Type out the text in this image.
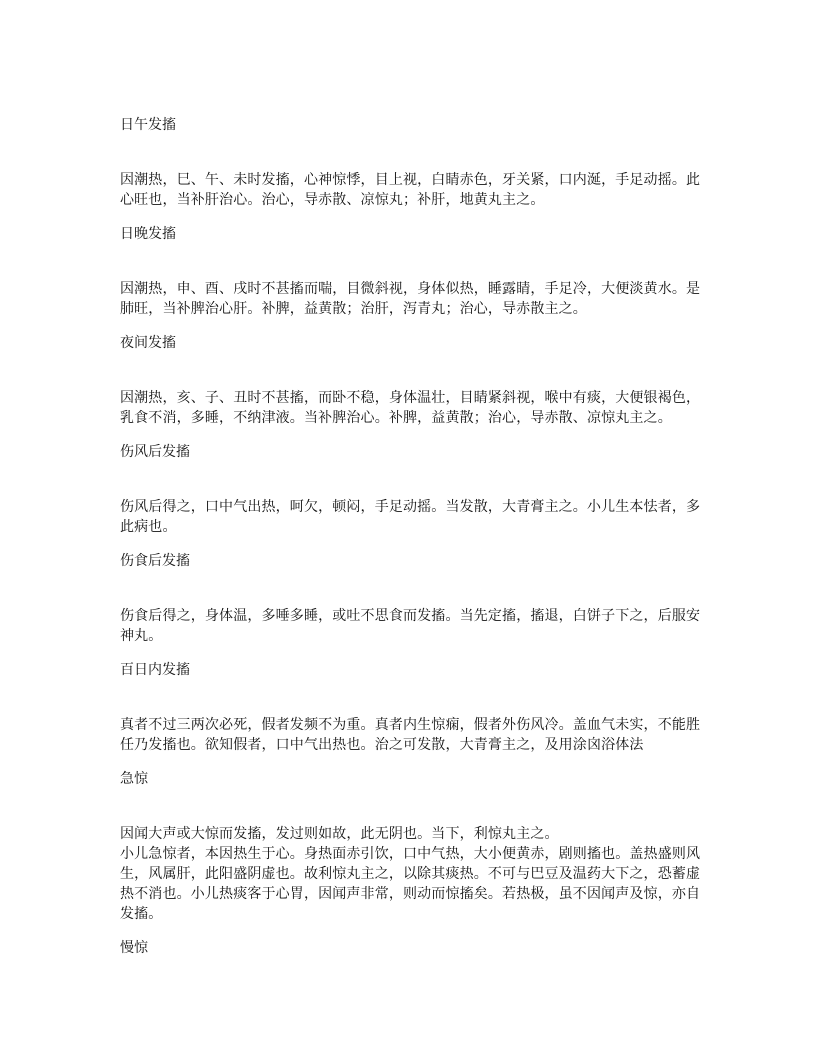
日午发搐

因潮热，巳、午、未时发搐，心神惊悸，目上视，白睛赤色，牙关紧，口内涎，手足动摇。此
心旺也，当补肝治心。治心，导赤散、凉惊丸；补肝，地黄丸主之。

日晚发搐

因潮热，申、酉、戌时不甚搐而喘，目微斜视，身体似热，睡露睛，手足冷，大便淡黄水。是
肺旺，当补脾治心肝。补脾，益黄散；治肝，泻青丸；治心，导赤散主之。

夜间发搐

因潮热，亥、子、丑时不甚搐，而卧不稳，身体温壮，目睛紧斜视，喉中有痰，大便银褐色，
乳食不消，多睡，不纳津液。当补脾治心。补脾，益黄散；治心，导赤散、凉惊丸主之。

伤风后发搐

伤风后得之，口中气出热，呵欠，顿闷，手足动摇。当发散，大青膏主之。小儿生本怯者，多
此病也。

伤食后发搐

伤食后得之，身体温，多唾多睡，或吐不思食而发搐。当先定搐，搐退，白饼子下之，后服安
神丸。

百日内发搐

真者不过三两次必死，假者发频不为重。真者内生惊痫，假者外伤风冷。盖血气未实，不能胜
任乃发搐也。欲知假者，口中气出热也。治之可发散，大青膏主之，及用涂囟浴体法

急惊

因闻大声或大惊而发搐，发过则如故，此无阴也。当下，利惊丸主之。

小儿急惊者，本因热生于心。身热面赤引饮，口中气热，大小便黄赤，剧则搐也。盖热盛则风
生，风属肝，此阳盛阴虚也。故利惊丸主之，以除其痰热。不可与巴豆及温药大下之，恐蓄虚
热不消也。小儿热痰客于心胃，因闻声非常，则动而惊搐矣。若热极，虽不因闻声及惊，亦自
发搐。

慢惊
